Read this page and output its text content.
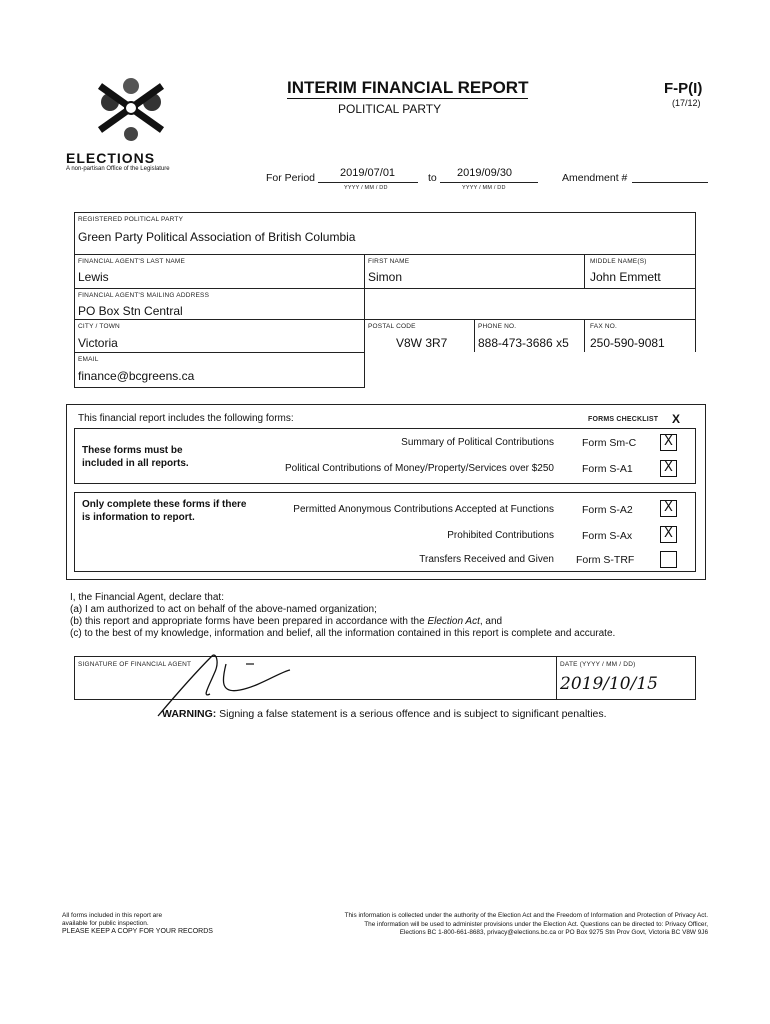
ELECTIONS
A non-partisan Office of the Legislature
INTERIM FINANCIAL REPORT
POLITICAL PARTY
F-P(I)
(17/12)
For Period 2019/07/01
YYYY / MM / DD
to 2019/09/30
YYYY / MM / DD
Amendment #
REGISTERED POLITICAL PARTY
Green Party Political Association of British Columbia
FINANCIAL AGENT'S LAST NAME
Lewis
FIRST NAME
Simon
MIDDLE NAME(S)
John Emmett
FINANCIAL AGENT'S MAILING ADDRESS
PO Box Stn Central
CITY / TOWN
Victoria
POSTAL CODE
V8W 3R7
PHONE NO.
888-473-3686 x5
FAX NO.
250-590-9081
EMAIL
finance@bcgreens.ca
This financial report includes the following forms:	FORMS CHECKLIST X
These forms must be included in all reports.
Only complete these forms if there is information to report.
Summary of Political Contributions	Form Sm-C	X
Political Contributions of Money/Property/Services over $250	Form S-A1	X
Permitted Anonymous Contributions Accepted at Functions	Form S-A2	X
Prohibited Contributions	Form S-Ax	X
Transfers Received and Given Form S-TRF
I, the Financial Agent, declare that:
(a) I am authorized to act on behalf of the above-named organization;
(b) this report and appropriate forms have been prepared in accordance with the Election Act, and
(c) to the best of my knowledge, information and belief, all the information contained in this report is complete and accurate.
SIGNATURE OF FINANCIAL AGENT	DATE (YYYY / MM / DD)
2019/10/15
WARNING: Signing a false statement is a serious offence and is subject to significant penalties.
All forms included in this report are
available for public inspection.
PLEASE KEEP A COPY FOR YOUR RECORDS
This information is collected under the authority of the Election Act and the Freedom of Information and Protection of Privacy Act.
The information will be used to administer provisions under the Election Act. Questions can be directed to: Privacy Officer,
Elections BC 1-800-661-8683, privacy@elections.bc.ca or PO Box 9275 Stn Prov Govt, Victoria BC V8W 9J6
